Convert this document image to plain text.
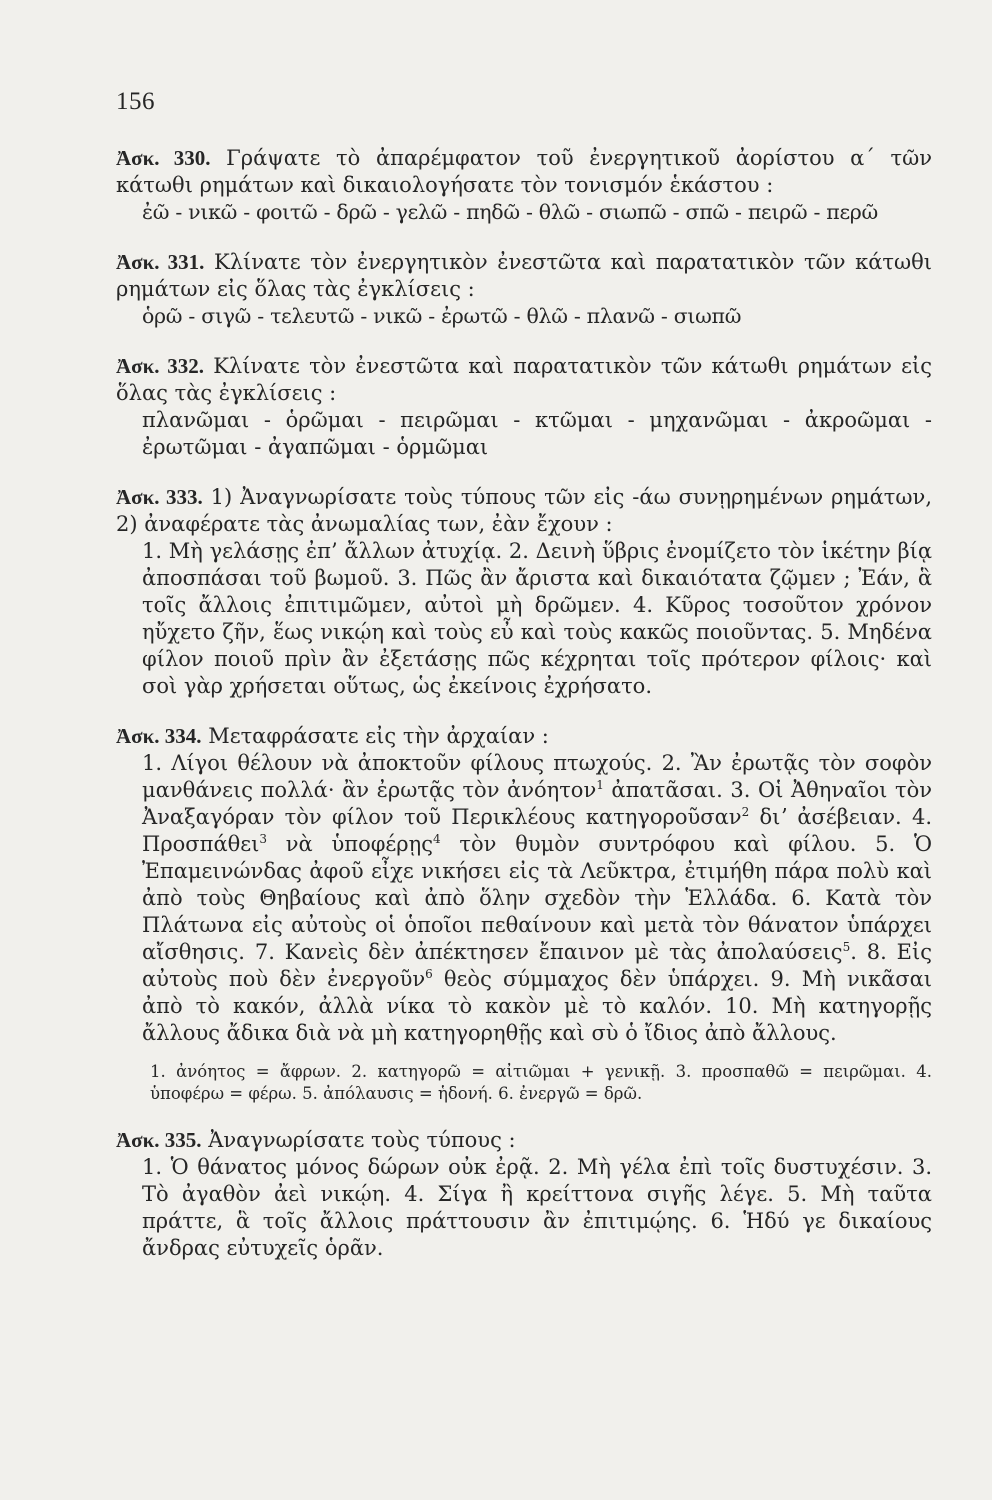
156
Ἀσκ. 330. Γράψατε τὸ ἀπαρέμφατον τοῦ ἐνεργητικοῦ ἀορίστου α΄ τῶν κάτωθι ρημάτων καὶ δικαιολογήσατε τὸν τονισμόν ἑκάστου :
ἐῶ - νικῶ - φοιτῶ - δρῶ - γελῶ - πηδῶ - θλῶ - σιωπῶ - σπῶ - πειρῶ - περῶ
Ἀσκ. 331. Κλίνατε τὸν ἐνεργητικὸν ἐνεστῶτα καὶ παρατατικὸν τῶν κάτωθι ρημάτων εἰς ὅλας τὰς ἐγκλίσεις :
ὁρῶ - σιγῶ - τελευτῶ - νικῶ - ἐρωτῶ - θλῶ - πλανῶ - σιωπῶ
Ἀσκ. 332. Κλίνατε τὸν ἐνεστῶτα καὶ παρατατικὸν τῶν κάτωθι ρημάτων εἰς ὅλας τὰς ἐγκλίσεις :
πλανῶμαι - ὁρῶμαι - πειρῶμαι - κτῶμαι - μηχανῶμαι - ἀκροῶμαι - ἐρωτῶμαι - ἀγαπῶμαι - ὁρμῶμαι
Ἀσκ. 333. 1) Ἀναγνωρίσατε τοὺς τύπους τῶν εἰς -άω συνῃρημένων ρημάτων, 2) ἀναφέρατε τὰς ἀνωμαλίας των, ἐὰν ἔχουν :
1. Μὴ γελάσῃς ἐπ’ ἄλλων ἀτυχίᾳ. 2. Δεινὴ ὕβρις ἐνομίζετο τὸν ἱκέτην βίᾳ ἀποσπάσαι τοῦ βωμοῦ. 3. Πῶς ἂν ἄριστα καὶ δικαιότατα ζῷμεν ; Ἐάν, ἃ τοῖς ἄλλοις ἐπιτιμῶμεν, αὐτοὶ μὴ δρῶμεν. 4. Κῦρος τοσοῦτον χρόνον ηὔχετο ζῆν, ἕως νικῴη καὶ τοὺς εὖ καὶ τοὺς κακῶς ποιοῦντας. 5. Μηδένα φίλον ποιοῦ πρὶν ἂν ἐξετάσῃς πῶς κέχρηται τοῖς πρότερον φίλοις· καὶ σοὶ γὰρ χρήσεται οὕτως, ὡς ἐκείνοις ἐχρήσατο.
Ἀσκ. 334. Μεταφράσατε εἰς τὴν ἀρχαίαν :
1. Λίγοι θέλουν νὰ ἀποκτοῦν φίλους πτωχούς. 2. Ἂν ἐρωτᾷς τὸν σοφὸν μανθάνεις πολλά· ἂν ἐρωτᾷς τὸν ἀνόητον$^1$ ἀπατᾶσαι. 3. Οἱ Ἀθηναῖοι τὸν Ἀναξαγόραν τὸν φίλον τοῦ Περικλέους κατηγοροῦσαν$^2$ διʼ ἀσέβειαν. 4. Προσπάθει$^3$ νὰ ὑποφέρῃς$^4$ τὸν θυμὸν συντρόφου καὶ φίλου. 5. Ὁ Ἐπαμεινώνδας ἀφοῦ εἶχε νικήσει εἰς τὰ Λεῦκτρα, ἐτιμήθη πάρα πολὺ καὶ ἀπὸ τοὺς Θηβαίους καὶ ἀπὸ ὅλην σχεδὸν τὴν Ἑλλάδα. 6. Κατὰ τὸν Πλάτωνα εἰς αὐτοὺς οἱ ὁποῖοι πεθαίνουν καὶ μετὰ τὸν θάνατον ὑπάρχει αἴσθησις. 7. Κανεὶς δὲν ἀπέκτησεν ἔπαινον μὲ τὰς ἀπολαύσεις$^5$. 8. Εἰς αὐτοὺς ποὺ δὲν ἐνεργοῦν$^6$ θεὸς σύμμαχος δὲν ὑπάρχει. 9. Μὴ νικᾶσαι ἀπὸ τὸ κακόν, ἀλλὰ νίκα τὸ κακὸν μὲ τὸ καλόν. 10. Μὴ κατηγορῇς ἄλλους ἄδικα διὰ νὰ μὴ κατηγορηθῇς καὶ σὺ ὁ ἴδιος ἀπὸ ἄλλους.
1. ἀνόητος = ἄφρων. 2. κατηγορῶ = αἰτιῶμαι + γενικῇ. 3. προσπαθῶ = πειρῶμαι. 4. ὑποφέρω = φέρω. 5. ἀπόλαυσις = ἡδονή. 6. ἐνεργῶ = δρῶ.
Ἀσκ. 335. Ἀναγνωρίσατε τοὺς τύπους :
1. Ὁ θάνατος μόνος δώρων οὐκ ἐρᾷ. 2. Μὴ γέλα ἐπὶ τοῖς δυστυχέσιν. 3. Τὸ ἀγαθὸν ἀεὶ νικῴη. 4. Σίγα ἢ κρείττονα σιγῆς λέγε. 5. Μὴ ταῦτα πράττε, ἃ τοῖς ἄλλοις πράττουσιν ἂν ἐπιτιμῴης. 6. Ἡδύ γε δικαίους ἄνδρας εὐτυχεῖς ὁρᾶν.
